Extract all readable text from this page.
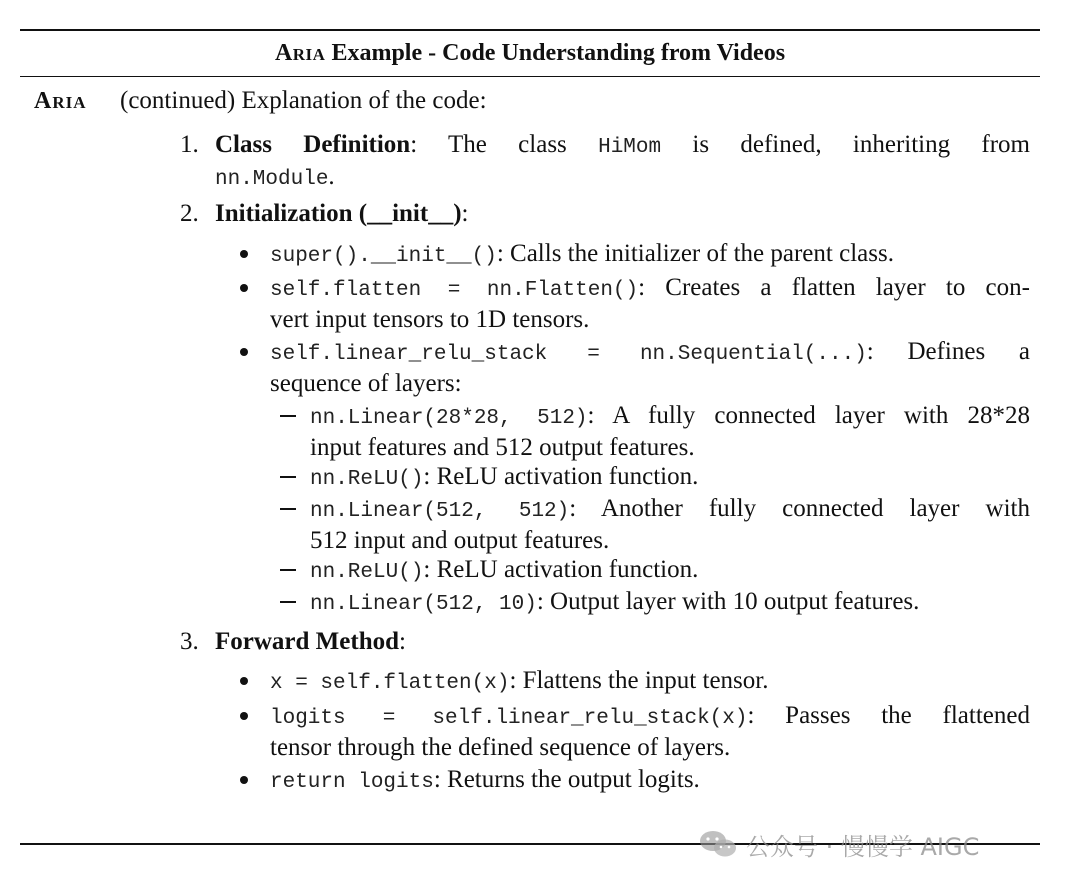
Aria Example - Code Understanding from Videos
Aria (continued) Explanation of the code:
1. Class Definition: The class HiMom is defined, inheriting from
nn.Module.
2. Initialization (__init__):
super().__init__(): Calls the initializer of the parent class.
self.flatten = nn.Flatten(): Creates a flatten layer to con-
vert input tensors to 1D tensors.
self.linear_relu_stack = nn.Sequential(...): Defines a
sequence of layers:
nn.Linear(28*28, 512): A fully connected layer with 28*28
input features and 512 output features.
nn.ReLU(): ReLU activation function.
nn.Linear(512, 512): Another fully connected layer with
512 input and output features.
nn.ReLU(): ReLU activation function.
nn.Linear(512, 10): Output layer with 10 output features.
3. Forward Method:
x = self.flatten(x): Flattens the input tensor.
logits = self.linear_relu_stack(x): Passes the flattened
tensor through the defined sequence of layers.
return logits: Returns the output logits.
公众号 · 慢慢学 AIGC
